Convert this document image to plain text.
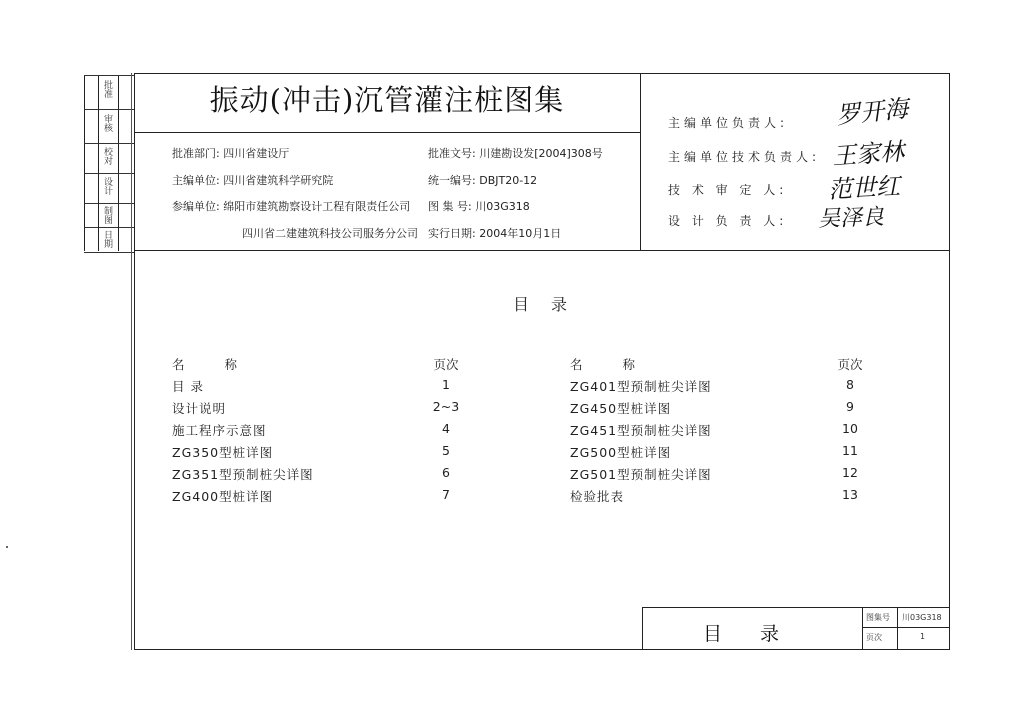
批准
审核
校对
设计
制图
日期
振动(冲击)沉管灌注桩图集
批准部门: 四川省建设厅
主编单位: 四川省建筑科学研究院
参编单位: 绵阳市建筑勘察设计工程有限责任公司
四川省二建建筑科技公司服务分公司
批准文号: 川建勘设发[2004]308号
统一编号: DBJT20-12
图 集 号: 川03G318
实行日期: 2004年10月1日
主编单位负责人: 罗开海
主编单位技术负责人: 王家林
技 术 审 定 人: 范世红
设 计 负 责 人: 吴泽良
目录
名 称	页次	名 称	页次
目 录	1
设计说明	2~3
施工程序示意图	4
ZG350型桩详图	5
ZG351型预制桩尖详图	6
ZG400型桩详图	7
ZG401型预制桩尖详图	8
ZG450型桩详图	9
ZG451型预制桩尖详图	10
ZG500型桩详图	11
ZG501型预制桩尖详图	12
检验批表	13
目录
图集号 川03G318
页次	1
